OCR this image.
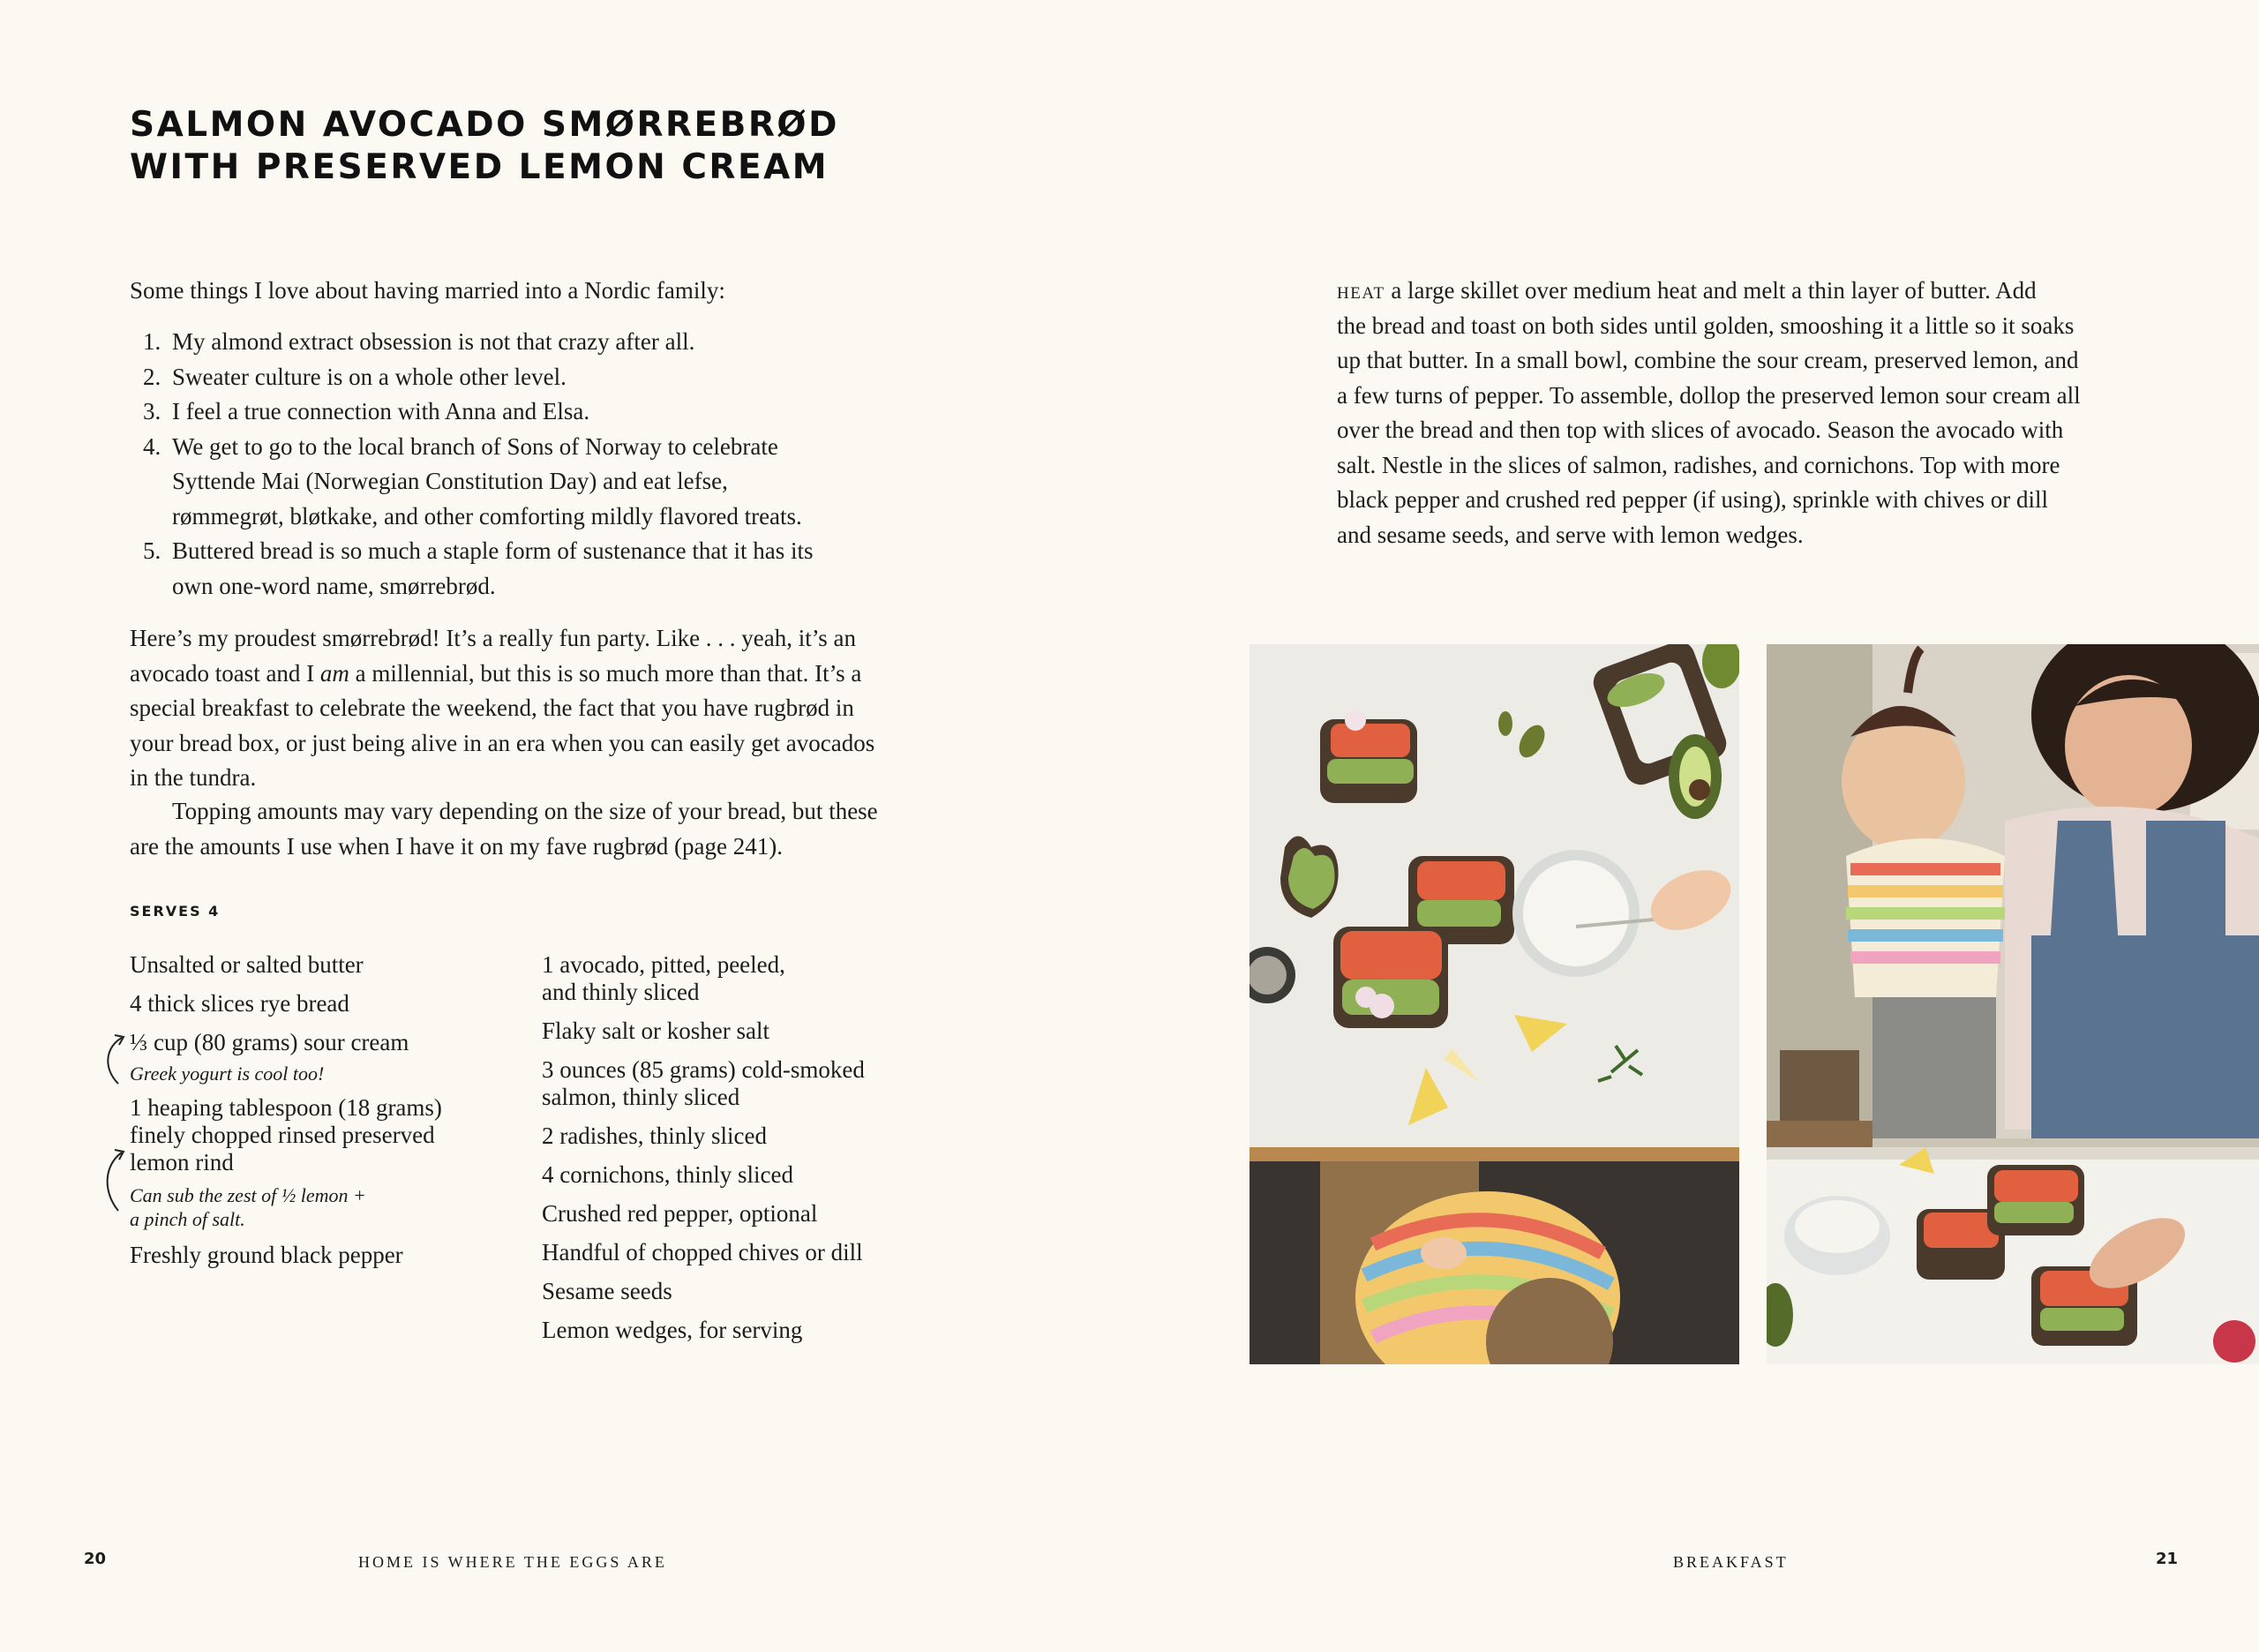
SALMON AVOCADO SMØRREBRØD
WITH PRESERVED LEMON CREAM
Some things I love about having married into a Nordic family:
1. My almond extract obsession is not that crazy after all.
2. Sweater culture is on a whole other level.
3. I feel a true connection with Anna and Elsa.
4. We get to go to the local branch of Sons of Norway to celebrate
Syttende Mai (Norwegian Constitution Day) and eat lefse,
rømmegrøt, bløtkake, and other comforting mildly flavored treats.
5. Buttered bread is so much a staple form of sustenance that it has its
own one-word name, smørrebrød.
Here’s my proudest smørrebrød! It’s a really fun party. Like . . . yeah, it’s an
avocado toast and I am a millennial, but this is so much more than that. It’s a
special breakfast to celebrate the weekend, the fact that you have rugbrød in
your bread box, or just being alive in an era when you can easily get avocados
in the tundra.
Topping amounts may vary depending on the size of your bread, but these
are the amounts I use when I have it on my fave rugbrød (page 241).
SERVES 4
Unsalted or salted butter
4 thick slices rye bread
⅓ cup (80 grams) sour cream
Greek yogurt is cool too!
1 heaping tablespoon (18 grams)
finely chopped rinsed preserved
lemon rind
Can sub the zest of ½ lemon +
a pinch of salt.
Freshly ground black pepper
1 avocado, pitted, peeled,
and thinly sliced
Flaky salt or kosher salt
3 ounces (85 grams) cold-smoked
salmon, thinly sliced
2 radishes, thinly sliced
4 cornichons, thinly sliced
Crushed red pepper, optional
Handful of chopped chives or dill
Sesame seeds
Lemon wedges, for serving
heat a large skillet over medium heat and melt a thin layer of butter. Add
the bread and toast on both sides until golden, smooshing it a little so it soaks
up that butter. In a small bowl, combine the sour cream, preserved lemon, and
a few turns of pepper. To assemble, dollop the preserved lemon sour cream all
over the bread and then top with slices of avocado. Season the avocado with
salt. Nestle in the slices of salmon, radishes, and cornichons. Top with more
black pepper and crushed red pepper (if using), sprinkle with chives or dill
and sesame seeds, and serve with lemon wedges.
20	HOME IS WHERE THE EGGS ARE	BREAKFAST	21
